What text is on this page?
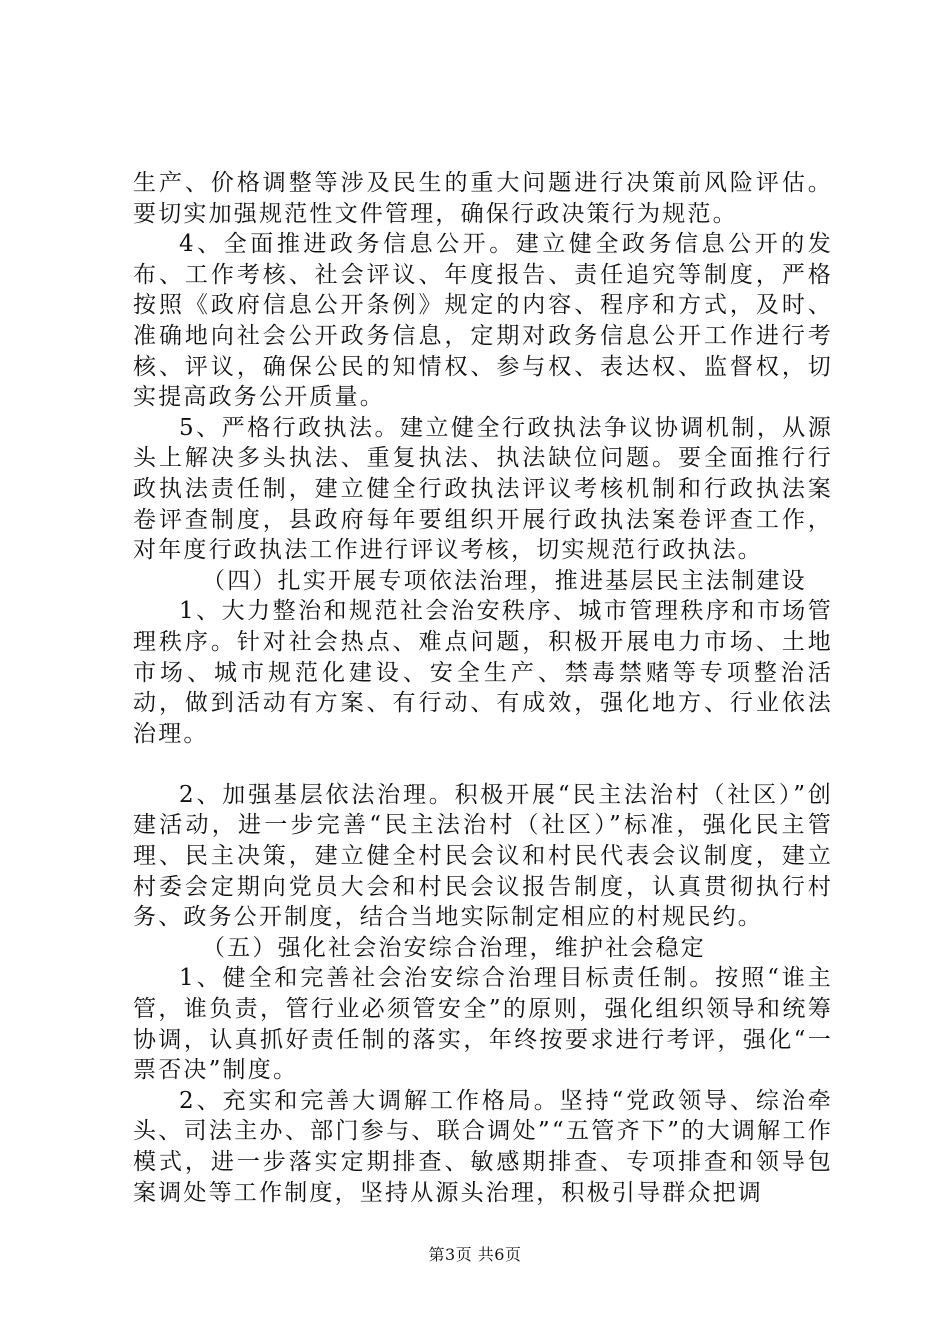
生产、价格调整等涉及民生的重大问题进行决策前风险评估。要切实加强规范性文件管理，确保行政决策行为规范。

4、全面推进政务信息公开。建立健全政务信息公开的发布、工作考核、社会评议、年度报告、责任追究等制度，严格按照《政府信息公开条例》规定的内容、程序和方式，及时、准确地向社会公开政务信息，定期对政务信息公开工作进行考核、评议，确保公民的知情权、参与权、表达权、监督权，切实提高政务公开质量。

5、严格行政执法。建立健全行政执法争议协调机制，从源头上解决多头执法、重复执法、执法缺位问题。要全面推行行政执法责任制，建立健全行政执法评议考核机制和行政执法案卷评查制度，县政府每年要组织开展行政执法案卷评查工作，对年度行政执法工作进行评议考核，切实规范行政执法。

（四）扎实开展专项依法治理，推进基层民主法制建设

1、大力整治和规范社会治安秩序、城市管理秩序和市场管理秩序。针对社会热点、难点问题，积极开展电力市场、土地市场、城市规范化建设、安全生产、禁毒禁赌等专项整治活动，做到活动有方案、有行动、有成效，强化地方、行业依法治理。

2、加强基层依法治理。积极开展“民主法治村（社区）”创建活动，进一步完善“民主法治村（社区）”标准，强化民主管理、民主决策，建立健全村民会议和村民代表会议制度，建立村委会定期向党员大会和村民会议报告制度，认真贯彻执行村务、政务公开制度，结合当地实际制定相应的村规民约。

（五）强化社会治安综合治理，维护社会稳定

1、健全和完善社会治安综合治理目标责任制。按照“谁主管，谁负责，管行业必须管安全”的原则，强化组织领导和统筹协调，认真抓好责任制的落实，年终按要求进行考评，强化“一票否决”制度。

2、充实和完善大调解工作格局。坚持“党政领导、综治牵头、司法主办、部门参与、联合调处”“五管齐下”的大调解工作模式，进一步落实定期排查、敏感期排查、专项排查和领导包案调处等工作制度，坚持从源头治理，积极引导群众把调

第3页 共6页
